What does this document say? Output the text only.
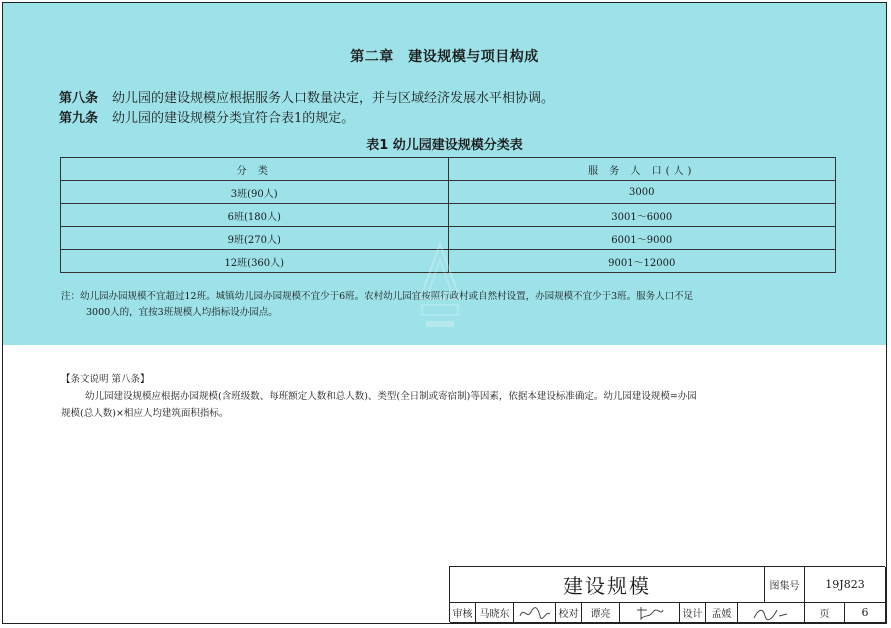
第二章　建设规模与项目构成
第八条 幼儿园的建设规模应根据服务人口数量决定，并与区域经济发展水平相协调。
第九条 幼儿园的建设规模分类宜符合表1的规定。
表1 幼儿园建设规模分类表
分 类	服 务 人 口(人)
3班(90人)	3000
6班(180人)	3001～6000
9班(270人)	6001～9000
12班(360人)	9001～12000
注：幼儿园办园规模不宜超过12班。城镇幼儿园办园规模不宜少于6班。农村幼儿园宜按照行政村或自然村设置，办园规模不宜少于3班。服务人口不足
3000人的，宜按3班规模人均指标设办园点。
【条文说明 第八条】
幼儿园建设规模应根据办园规模(含班级数、每班额定人数和总人数)、类型(全日制或寄宿制)等因素，依据本建设标准确定。幼儿园建设规模=办园
规模(总人数)×相应人均建筑面积指标。
建设规模	图集号	19J823
审核 马晓东	校对	谭亮	设计 孟媛	页	6
